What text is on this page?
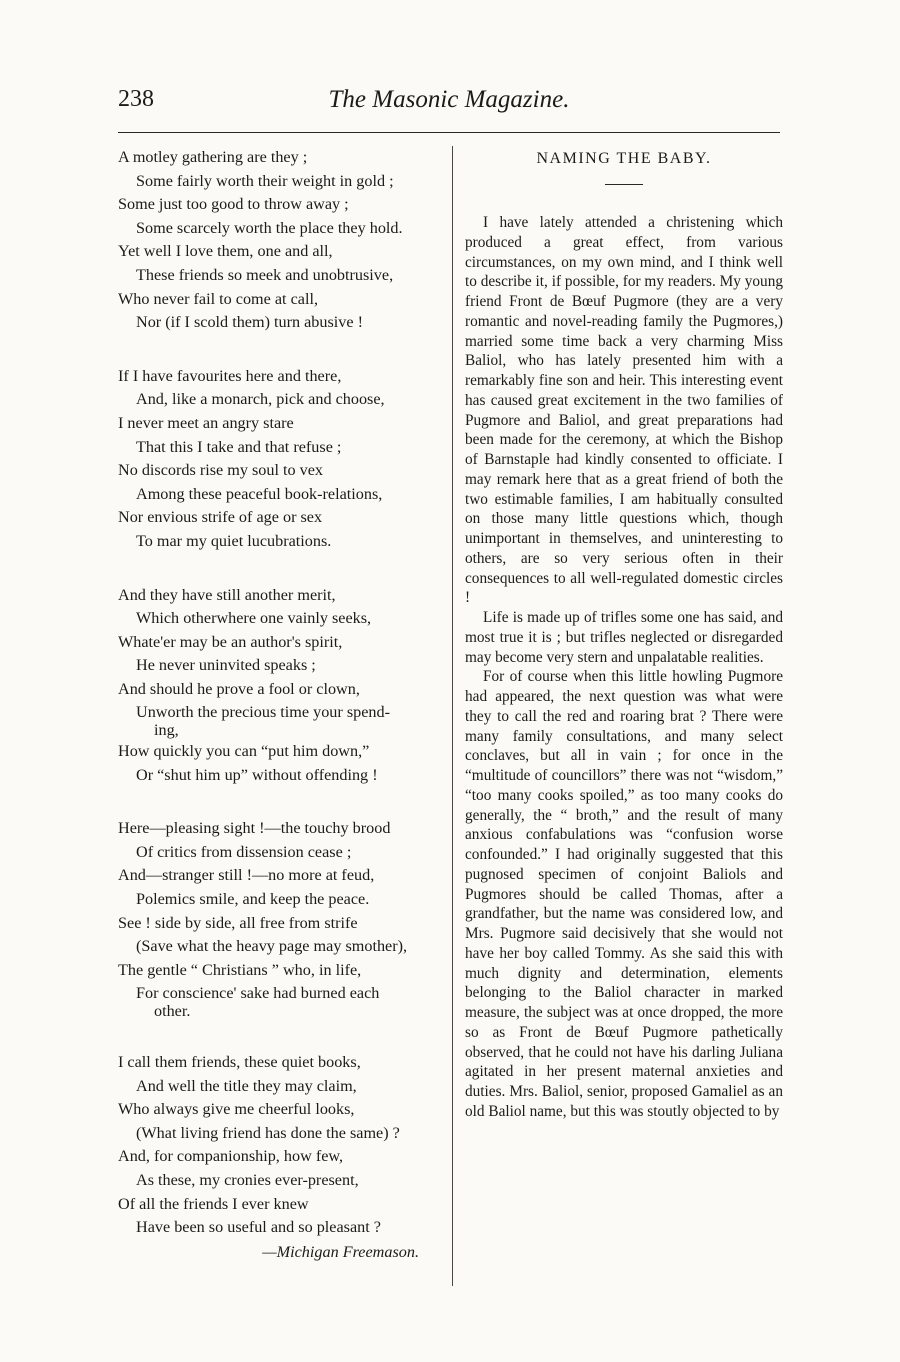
238	The Masonic Magazine.
A motley gathering are they ;
Some fairly worth their weight in gold ;
Some just too good to throw away ;
Some scarcely worth the place they hold.
Yet well I love them, one and all,
These friends so meek and unobtrusive,
Who never fail to come at call,
Nor (if I scold them) turn abusive !
If I have favourites here and there,
And, like a monarch, pick and choose,
I never meet an angry stare
That this I take and that refuse ;
No discords rise my soul to vex
Among these peaceful book-relations,
Nor envious strife of age or sex
To mar my quiet lucubrations.
And they have still another merit,
Which otherwhere one vainly seeks,
Whate'er may be an author's spirit,
He never uninvited speaks ;
And should he prove a fool or clown,
Unworth the precious time your spend-
ing,
How quickly you can “put him down,”
Or “shut him up” without offending !
Here—pleasing sight !—the touchy brood
Of critics from dissension cease ;
And—stranger still !—no more at feud,
Polemics smile, and keep the peace.
See ! side by side, all free from strife
(Save what the heavy page may smother),
The gentle “ Christians ” who, in life,
For conscience' sake had burned each
other.
I call them friends, these quiet books,
And well the title they may claim,
Who always give me cheerful looks,
(What living friend has done the same) ?
And, for companionship, how few,
As these, my cronies ever-present,
Of all the friends I ever knew
Have been so useful and so pleasant ?
—Michigan Freemason.
NAMING THE BABY.

I have lately attended a christening which produced a great effect, from various circumstances, on my own mind, and I think well to describe it, if possible, for my readers. My young friend Front de Bœuf Pugmore (they are a very romantic and novel-reading family the Pugmores,) married some time back a very charming Miss Baliol, who has lately presented him with a remarkably fine son and heir. This interesting event has caused great excitement in the two families of Pugmore and Baliol, and great preparations had been made for the ceremony, at which the Bishop of Barnstaple had kindly consented to officiate. I may remark here that as a great friend of both the two estimable families, I am habitually consulted on those many little questions which, though unimportant in themselves, and uninteresting to others, are so very serious often in their consequences to all well-regulated domestic circles !

Life is made up of trifles some one has said, and most true it is ; but trifles neglected or disregarded may become very stern and unpalatable realities.

For of course when this little howling Pugmore had appeared, the next question was what were they to call the red and roaring brat ? There were many family consultations, and many select conclaves, but all in vain ; for once in the “multitude of councillors” there was not “wisdom,” “too many cooks spoiled,” as too many cooks do generally, the “ broth,” and the result of many anxious confabulations was “confusion worse confounded.” I had originally suggested that this pugnosed specimen of conjoint Baliols and Pugmores should be called Thomas, after a grandfather, but the name was considered low, and Mrs. Pugmore said decisively that she would not have her boy called Tommy. As she said this with much dignity and determination, elements belonging to the Baliol character in marked measure, the subject was at once dropped, the more so as Front de Bœuf Pugmore pathetically observed, that he could not have his darling Juliana agitated in her present maternal anxieties and duties. Mrs. Baliol, senior, proposed Gamaliel as an old Baliol name, but this was stoutly objected to by
